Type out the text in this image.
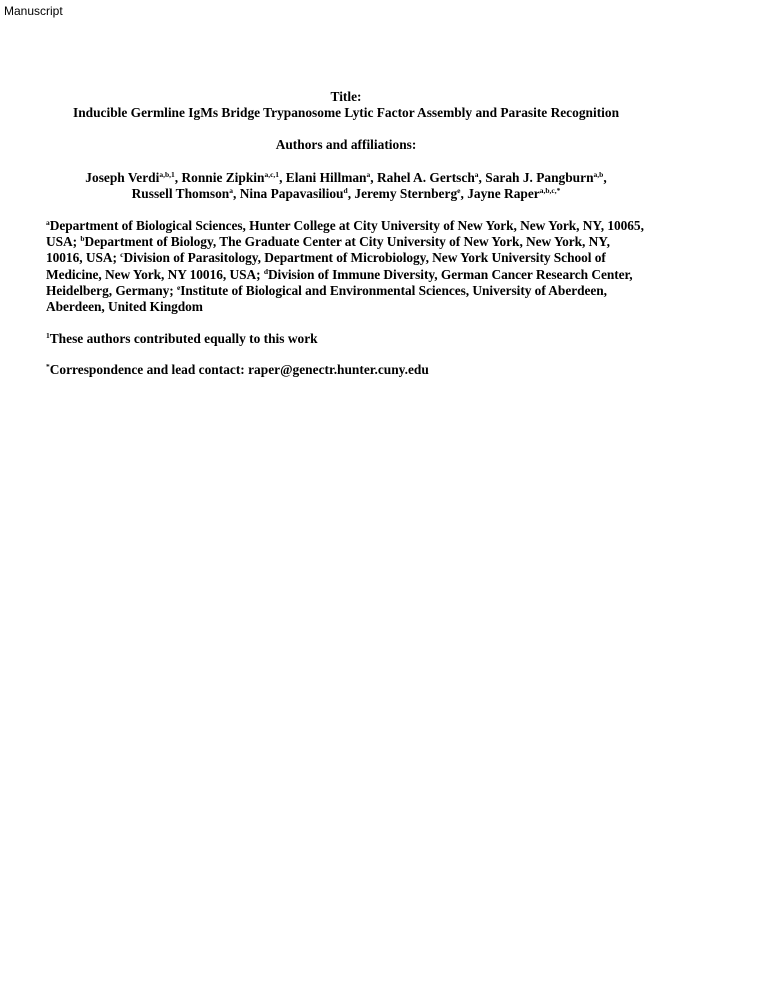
Manuscript
Title:
Inducible Germline IgMs Bridge Trypanosome Lytic Factor Assembly and Parasite Recognition
Authors and affiliations:
Joseph Verdi$^{a,b,1}$, Ronnie Zipkin$^{a,c,1}$, Elani Hillman$^a$, Rahel A. Gertsch$^a$, Sarah J. Pangburn$^{a,b}$,
Russell Thomson$^a$, Nina Papavasiliou$^d$, Jeremy Sternberg$^e$, Jayne Raper$^{a,b,c,*}$
$^a$Department of Biological Sciences, Hunter College at City University of New York, New York, NY, 10065, USA; $^b$Department of Biology, The Graduate Center at City University of New York, New York, NY, 10016, USA; $^c$Division of Parasitology, Department of Microbiology, New York University School of Medicine, New York, NY 10016, USA; $^d$Division of Immune Diversity, German Cancer Research Center, Heidelberg, Germany; $^e$Institute of Biological and Environmental Sciences, University of Aberdeen, Aberdeen, United Kingdom
$^1$These authors contributed equally to this work
*Correspondence and lead contact: raper@genectr.hunter.cuny.edu
